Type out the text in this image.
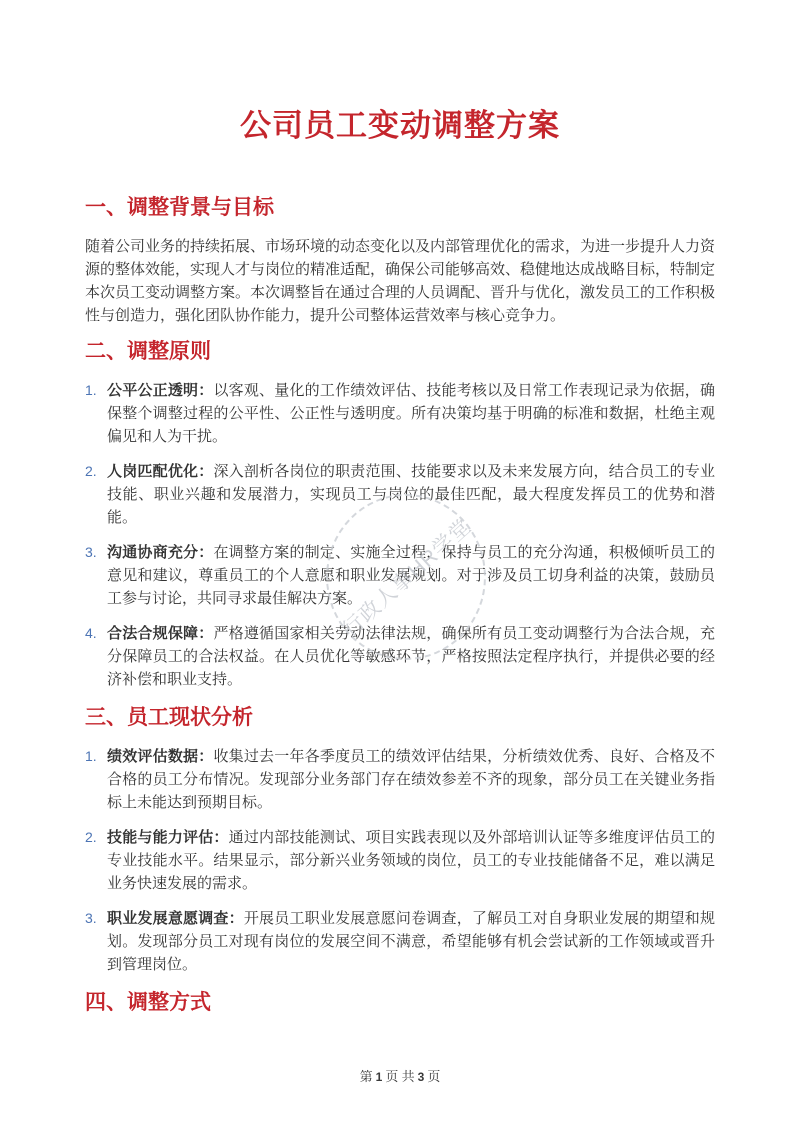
公司员工变动调整方案
一、调整背景与目标

随着公司业务的持续拓展、市场环境的动态变化以及内部管理优化的需求，为进一步提升人力资源的整体效能，实现人才与岗位的精准适配，确保公司能够高效、稳健地达成战略目标，特制定本次员工变动调整方案。本次调整旨在通过合理的人员调配、晋升与优化，激发员工的工作积极性与创造力，强化团队协作能力，提升公司整体运营效率与核心竞争力。

二、调整原则
1. 公平公正透明：以客观、量化的工作绩效评估、技能考核以及日常工作表现记录为依据，确保整个调整过程的公平性、公正性与透明度。所有决策均基于明确的标准和数据，杜绝主观偏见和人为干扰。
2. 人岗匹配优化：深入剖析各岗位的职责范围、技能要求以及未来发展方向，结合员工的专业技能、职业兴趣和发展潜力，实现员工与岗位的最佳匹配，最大程度发挥员工的优势和潜能。
3. 沟通协商充分：在调整方案的制定、实施全过程，保持与员工的充分沟通，积极倾听员工的意见和建议，尊重员工的个人意愿和职业发展规划。对于涉及员工切身利益的决策，鼓励员工参与讨论，共同寻求最佳解决方案。
4. 合法合规保障：严格遵循国家相关劳动法律法规，确保所有员工变动调整行为合法合规，充分保障员工的合法权益。在人员优化等敏感环节，严格按照法定程序执行，并提供必要的经济补偿和职业支持。
三、员工现状分析
1. 绩效评估数据：收集过去一年各季度员工的绩效评估结果，分析绩效优秀、良好、合格及不合格的员工分布情况。发现部分业务部门存在绩效参差不齐的现象，部分员工在关键业务指标上未能达到预期目标。
2. 技能与能力评估：通过内部技能测试、项目实践表现以及外部培训认证等多维度评估员工的专业技能水平。结果显示，部分新兴业务领域的岗位，员工的专业技能储备不足，难以满足业务快速发展的需求。
3. 职业发展意愿调查：开展员工职业发展意愿问卷调查，了解员工对自身职业发展的期望和规划。发现部分员工对现有岗位的发展空间不满意，希望能够有机会尝试新的工作领域或晋升到管理岗位。
四、调整方式
行政人事HR学堂
第 1 页 共 3 页
